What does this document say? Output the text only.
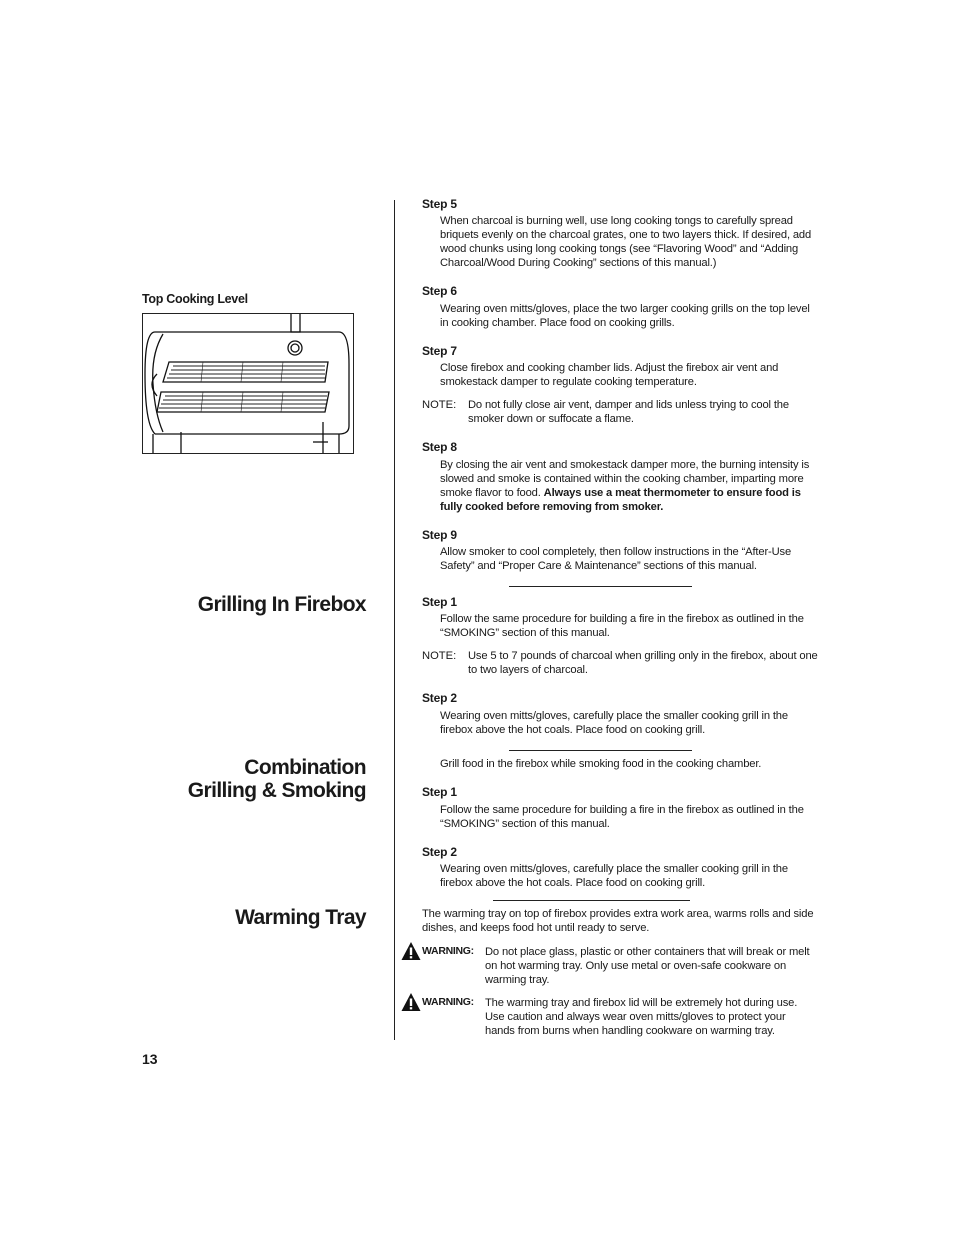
Top Cooking Level
Grilling In Firebox
Combination
Grilling & Smoking
Warming Tray
13
Step 5
When charcoal is burning well, use long cooking tongs to carefully spread briquets evenly on the charcoal grates, one to two layers thick. If desired, add wood chunks using long cooking tongs (see “Flavoring Wood” and “Adding Charcoal/Wood During Cooking” sections of this manual.)
Step 6
Wearing oven mitts/gloves, place the two larger cooking grills on the top level in cooking chamber. Place food on cooking grills.
Step 7
Close firebox and cooking chamber lids. Adjust the firebox air vent and smokestack damper to regulate cooking temperature.
NOTE: Do not fully close air vent, damper and lids unless trying to cool the smoker down or suffocate a flame.
Step 8
By closing the air vent and smokestack damper more, the burning intensity is slowed and smoke is contained within the cooking chamber, imparting more smoke flavor to food. Always use a meat thermometer to ensure food is fully cooked before removing from smoker.
Step 9
Allow smoker to cool completely, then follow instructions in the “After-Use Safety” and “Proper Care & Maintenance” sections of this manual.
Step 1
Follow the same procedure for building a fire in the firebox as outlined in the “SMOKING” section of this manual.
NOTE: Use 5 to 7 pounds of charcoal when grilling only in the firebox, about one to two layers of charcoal.
Step 2
Wearing oven mitts/gloves, carefully place the smaller cooking grill in the firebox above the hot coals. Place food on cooking grill.
Grill food in the firebox while smoking food in the cooking chamber.
Step 1
Follow the same procedure for building a fire in the firebox as outlined in the “SMOKING” section of this manual.
Step 2
Wearing oven mitts/gloves, carefully place the smaller cooking grill in the firebox above the hot coals. Place food on cooking grill.
The warming tray on top of firebox provides extra work area, warms rolls and side dishes, and keeps food hot until ready to serve.
WARNING: Do not place glass, plastic or other containers that will break or melt on hot warming tray. Only use metal or oven-safe cookware on warming tray.
WARNING: The warming tray and firebox lid will be extremely hot during use. Use caution and always wear oven mitts/gloves to protect your hands from burns when handling cookware on warming tray.
